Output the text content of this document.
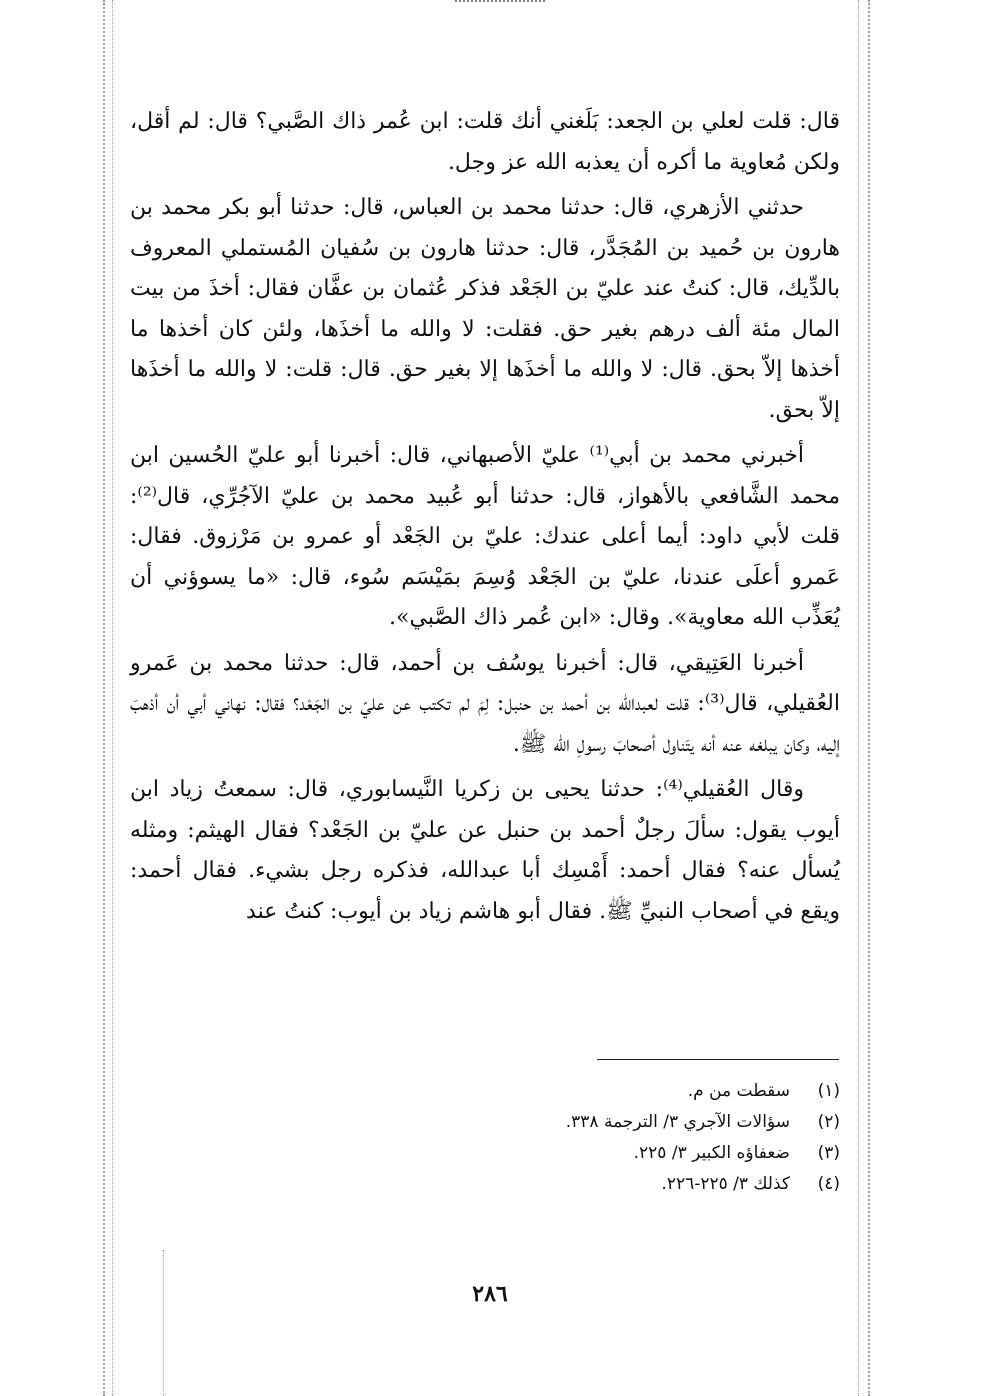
قال: قلت لعلي بن الجعد: بَلَغني أنك قلت: ابن عُمر ذاك الصَّبي؟ قال: لم أقل، ولكن مُعاوية ما أكره أن يعذبه الله عز وجل.

حدثني الأزهري، قال: حدثنا محمد بن العباس، قال: حدثنا أبو بكر محمد بن هارون بن حُميد بن المُجَدَّر، قال: حدثنا هارون بن سُفيان المُستملي المعروف بالدِّيك، قال: كنتُ عند عليّ بن الجَعْد فذكر عُثمان بن عفَّان فقال: أخذَ من بيت المال مئة ألف درهم بغير حق. فقلت: لا والله ما أخذَها، ولئن كان أخذها ما أخذها إلاّ بحق. قال: لا والله ما أخذَها إلا بغير حق. قال: قلت: لا والله ما أخذَها إلاّ بحق.

أخبرني محمد بن أبي⁽¹⁾ عليّ الأصبهاني، قال: أخبرنا أبو عليّ الحُسين ابن محمد الشَّافعي بالأهواز، قال: حدثنا أبو عُبيد محمد بن عليّ الآجُرِّي، قال⁽²⁾: قلت لأبي داود: أيما أعلى عندك: عليّ بن الجَعْد أو عمرو بن مَرْزوق. فقال: عَمرو أعلَى عندنا، عليّ بن الجَعْد وُسِمَ بمَيْسَم سُوء، قال: «ما يسوؤني أن يُعَذِّب الله معاوية». وقال: «ابن عُمر ذاك الصَّبي».

أخبرنا العَتِيقي، قال: أخبرنا يوسُف بن أحمد، قال: حدثنا محمد بن عَمرو العُقيلي، قال⁽³⁾: قلت لعبدالله بن أحمد بن حنبل: لِمَ لم تكتب عن عليّ بن الجَعْد؟ فقال: نهاني أبي أن أذهبَ إليه، وكان يبلغه عنه أنه يتَناول أصحابَ رسولِ الله ﷺ.

وقال العُقيلي⁽⁴⁾: حدثنا يحيى بن زكريا النَّيسابوري، قال: سمعتُ زياد ابن أيوب يقول: سألَ رجلٌ أحمد بن حنبل عن عليّ بن الجَعْد؟ فقال الهيثم: ومثله يُسأل عنه؟ فقال أحمد: أَمْسِك أبا عبدالله، فذكره رجل بشيء. فقال أحمد: ويقع في أصحاب النبيِّ ﷺ. فقال أبو هاشم زياد بن أيوب: كنتُ عند

(١)سقطت من م.
(٢)سؤالات الآجري ٣/ الترجمة ٣٣٨.
(٣)ضعفاؤه الكبير ٣/ ٢٢٥.
(٤)كذلك ٣/ ٢٢٥-٢٢٦.
٢٨٦
